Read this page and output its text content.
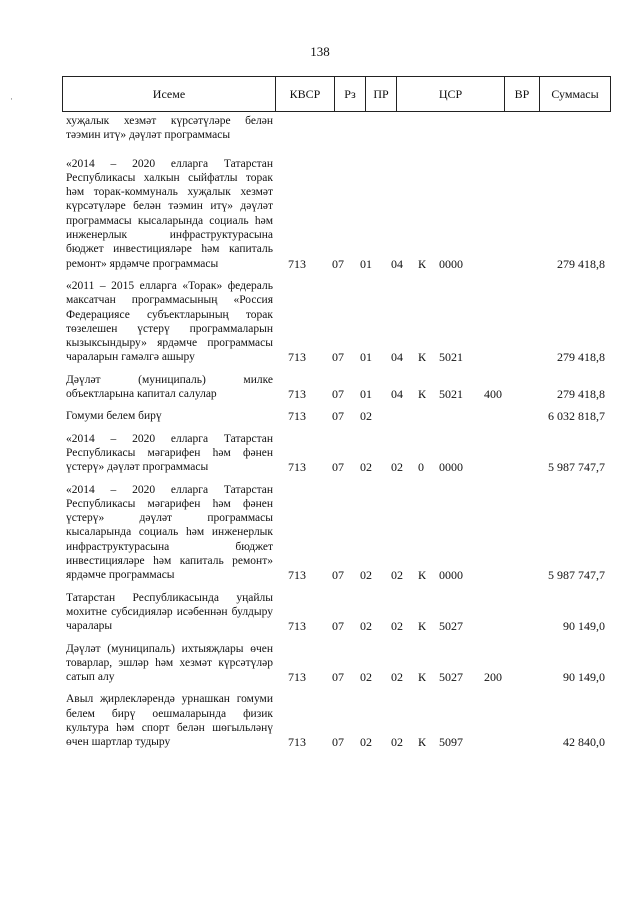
138
·	Исеме	КВСР	Рз	ПР	ЦСР	ВР	Суммасы
хуҗалык хезмәт күрсәтүләре белән тәэмин итү» дәүләт программасы
«2014 – 2020 елларга Татарстан Республикасы халкын сыйфатлы торак һәм торак-коммуналь хуҗалык хезмәт күрсәтүләре белән тәэмин итү» дәүләт программасы кысаларында социаль һәм инженерлык инфраструктурасына бюджет инвестицияләре һәм капиталь ремонт» ярдәмче программасы	713 07 01 04 К 0000	279 418,8
«2011 – 2015 елларга «Торак» федераль максатчан программасының «Россия Федерациясе субъектларының торак төзелешен үстерү программаларын кызыксындыру» ярдәмче программасы чараларын гамәлгә ашыру	713 07 01 04 К 5021	279 418,8
Дәүләт (муниципаль) милке объектларына капитал салулар	713 07 01 04 К 5021 400	279 418,8
Гомуми белем бирү	713 07 02	6 032 818,7
«2014 – 2020 елларга Татарстан Республикасы мәгарифен һәм фәнен үстерү» дәүләт программасы	713 07 02 02 0 0000	5 987 747,7
«2014 – 2020 елларга Татарстан Республикасы мәгарифен һәм фәнен үстерү» дәүләт программасы кысаларында социаль һәм инженерлык инфраструктурасына бюджет инвестицияләре һәм капиталь ремонт» ярдәмче программасы	713 07 02 02 К 0000	5 987 747,7
Татарстан Республикасында уңайлы мохитне субсидияләр исәбеннән булдыру чаралары	713 07 02 02 К 5027	90 149,0
Дәүләт (муниципаль) ихтыяҗлары өчен товарлар, эшләр һәм хезмәт күрсәтүләр сатып алу	713 07 02 02 К 5027 200	90 149,0
Авыл җирлекләрендә урнашкан гомуми белем бирү оешмаларында физик культура һәм спорт белән шөгыльләнү өчен шартлар тудыру	713 07 02 02 К 5097	42 840,0
